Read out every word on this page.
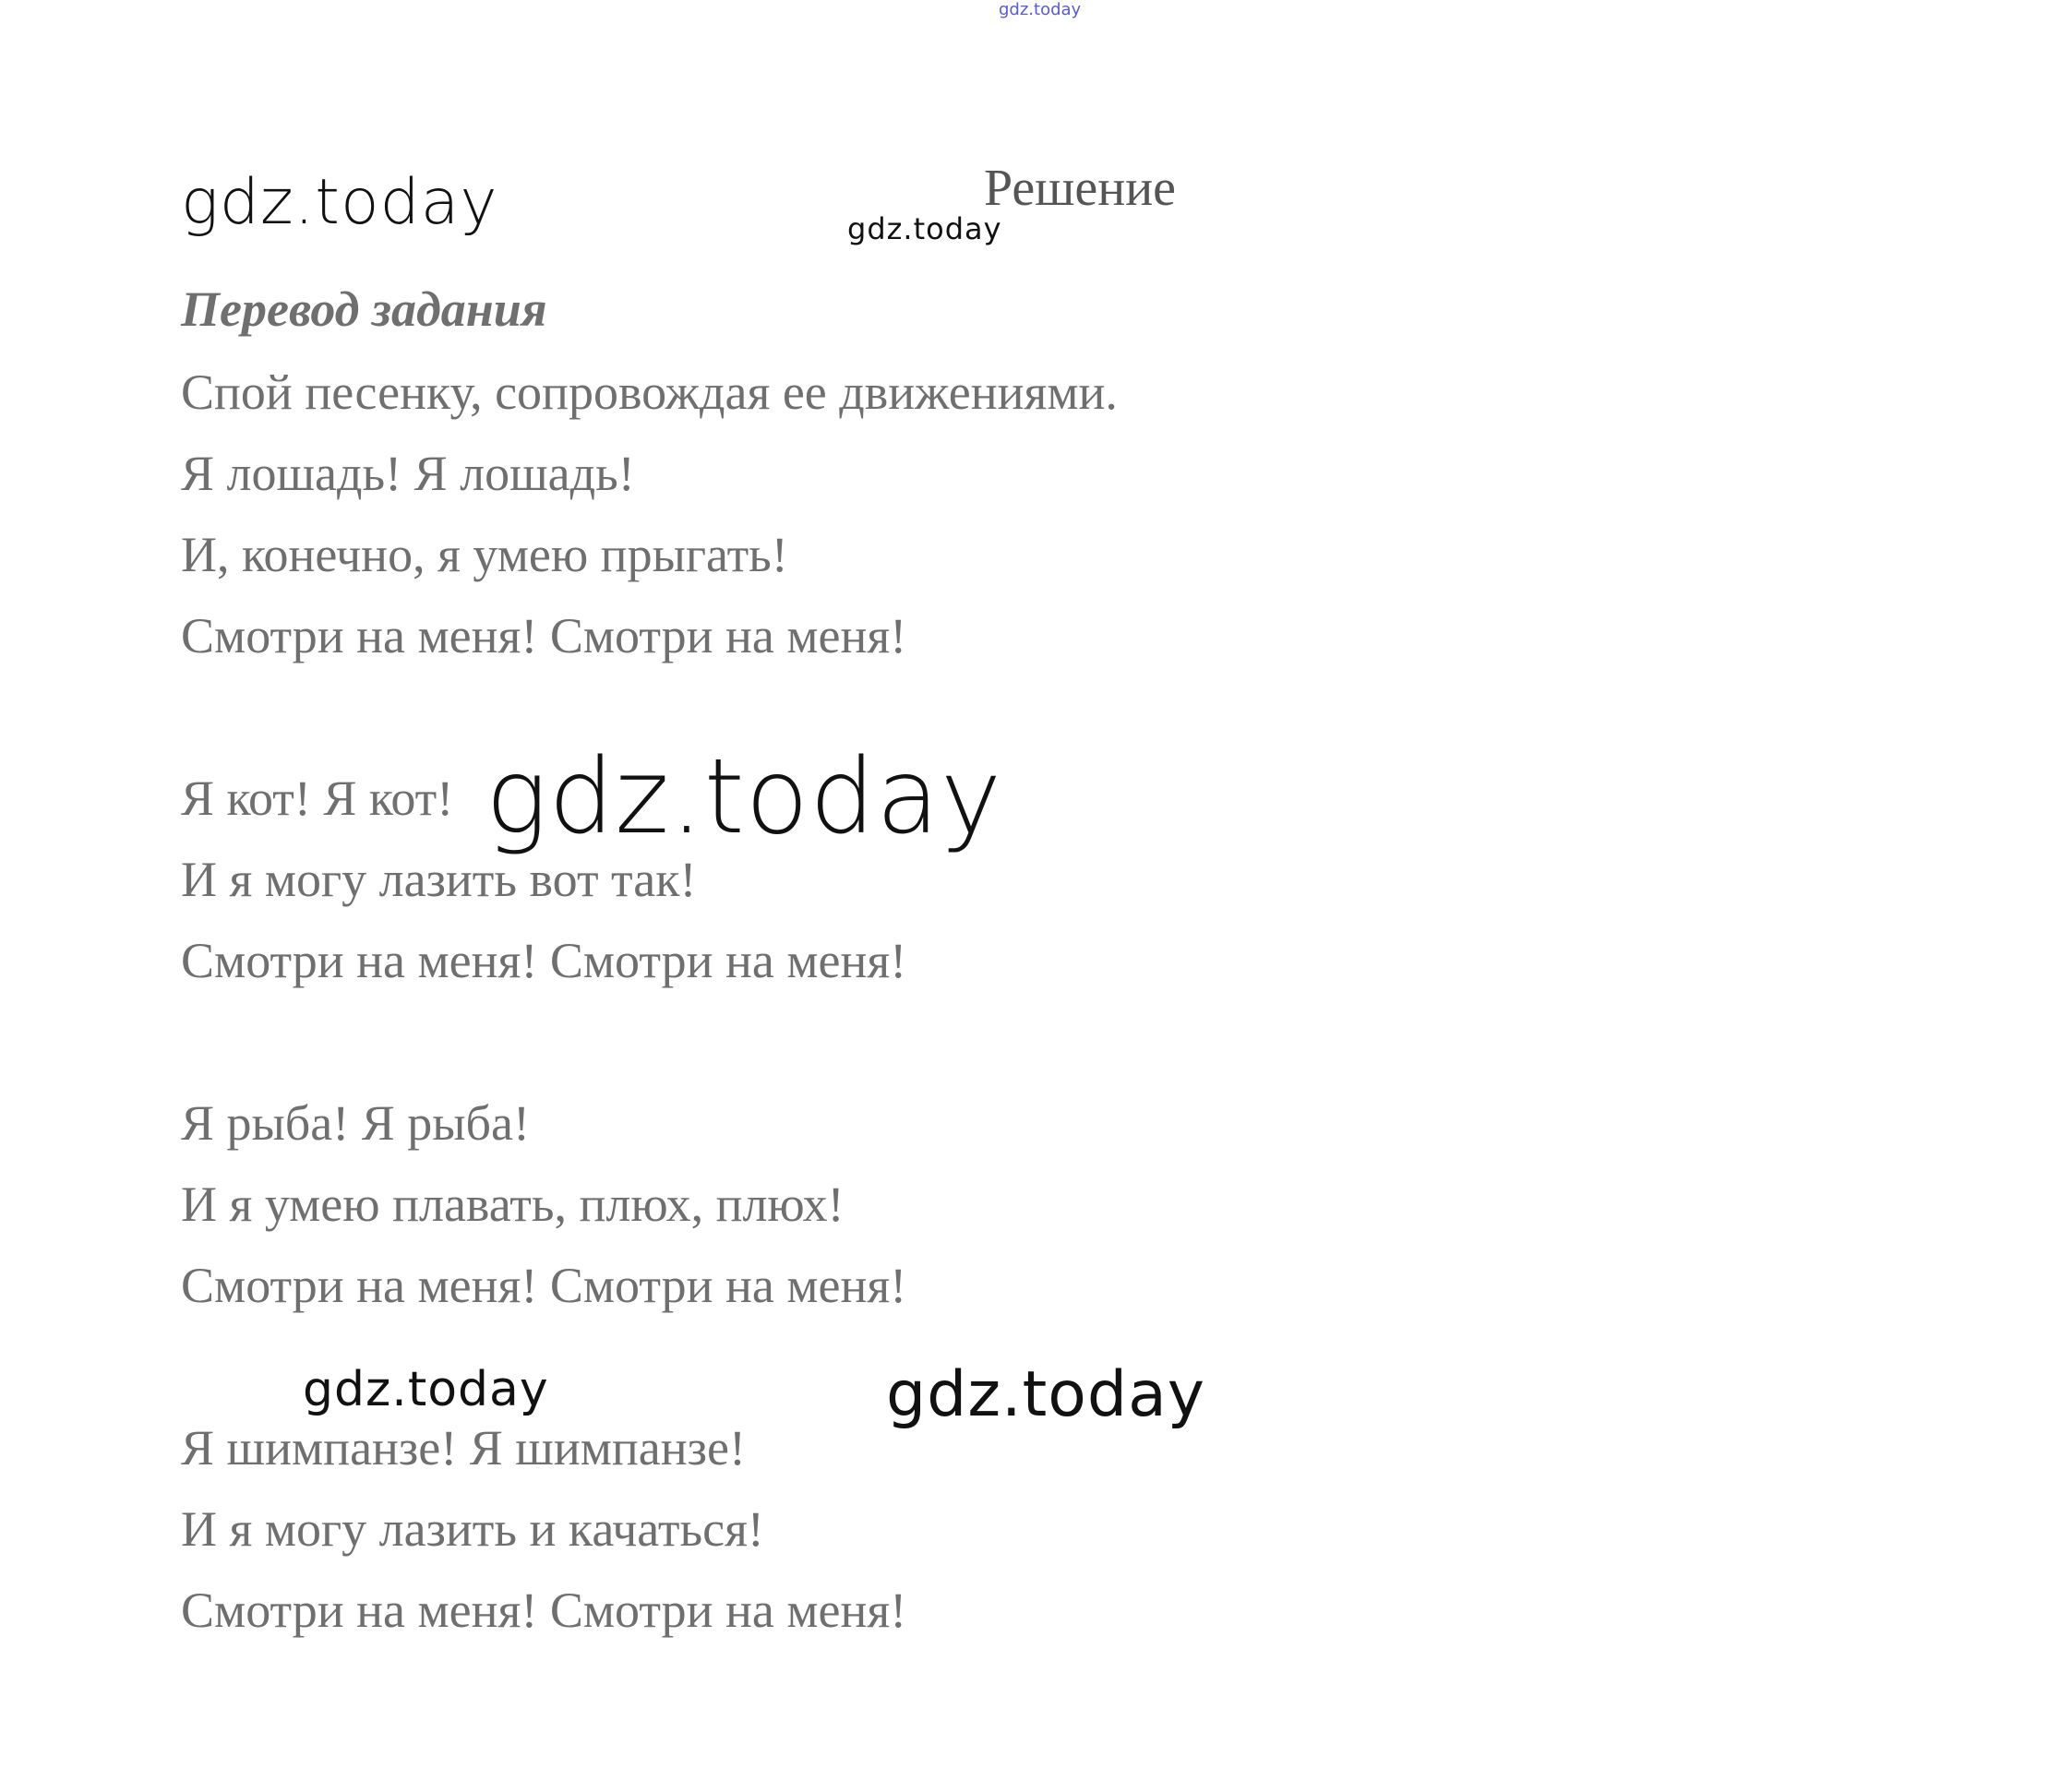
gdz.today
gdz.today	Решение
gdz.today
Перевод задания
Спой песенку, сопровождая ее движениями.
Я лошадь! Я лошадь!
И, конечно, я умею прыгать!
Смотри на меня! Смотри на меня!
Я кот! Я кот! gdz.today
И я могу лазить вот так!
Смотри на меня! Смотри на меня!
Я рыба! Я рыба!
И я умею плавать, плюх, плюх!
Смотри на меня! Смотри на меня!
gdz.today	gdz.today
Я шимпанзе! Я шимпанзе!
И я могу лазить и качаться!
Смотри на меня! Смотри на меня!
